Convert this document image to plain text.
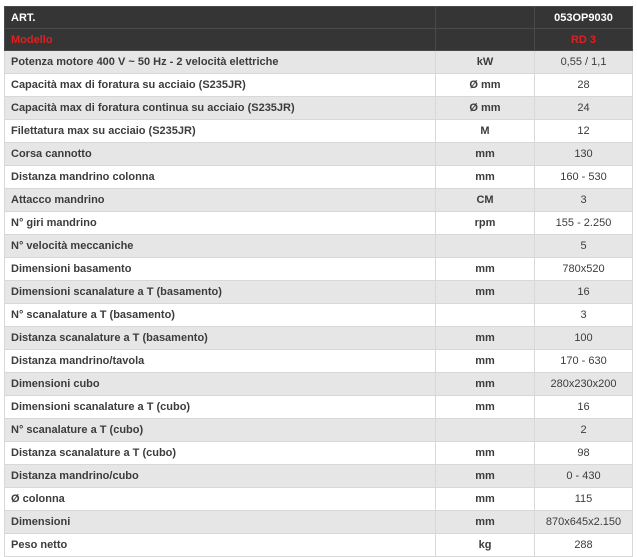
ART.		053OP9030
Modello		RD 3
Potenza motore 400 V ~ 50 Hz - 2 velocità elettriche	kW	0,55 / 1,1
Capacità max di foratura su acciaio (S235JR)	Ø mm	28
Capacità max di foratura continua su acciaio (S235JR)	Ø mm	24
Filettatura max su acciaio (S235JR)	M	12
Corsa cannotto	mm	130
Distanza mandrino colonna	mm	160 - 530
Attacco mandrino	CM	3
N° giri mandrino	rpm	155 - 2.250
N° velocità meccaniche		5
Dimensioni basamento	mm	780x520
Dimensioni scanalature a T (basamento)	mm	16
N° scanalature a T (basamento)		3
Distanza scanalature a T (basamento)	mm	100
Distanza mandrino/tavola	mm	170 - 630
Dimensioni cubo	mm	280x230x200
Dimensioni scanalature a T (cubo)	mm	16
N° scanalature a T (cubo)		2
Distanza scanalature a T (cubo)	mm	98
Distanza mandrino/cubo	mm	0 - 430
Ø colonna	mm	115
Dimensioni	mm	870x645x2.150
Peso netto	kg	288
